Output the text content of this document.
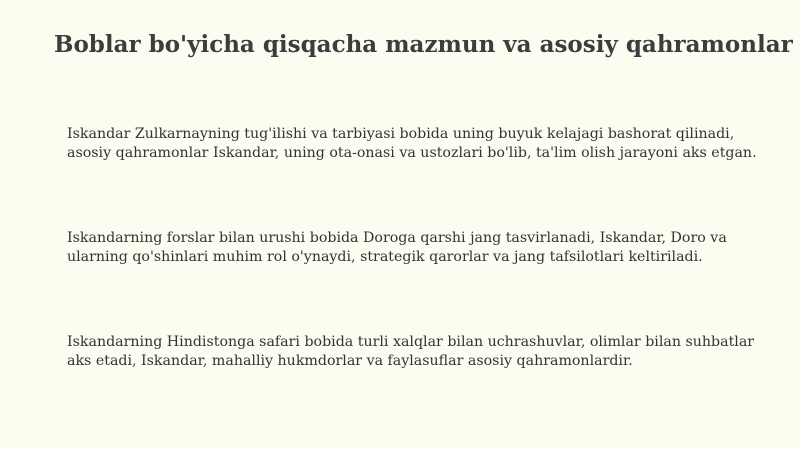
Boblar bo'yicha qisqacha mazmun va asosiy qahramonlar

Iskandar Zulkarnayning tug'ilishi va tarbiyasi bobida uning buyuk kelajagi bashorat qilinadi, asosiy qahramonlar Iskandar, uning ota-onasi va ustozlari bo'lib, ta'lim olish jarayoni aks etgan.

Iskandarning forslar bilan urushi bobida Doroga qarshi jang tasvirlanadi, Iskandar, Doro va ularning qo'shinlari muhim rol o'ynaydi, strategik qarorlar va jang tafsilotlari keltiriladi.

Iskandarning Hindistonga safari bobida turli xalqlar bilan uchrashuvlar, olimlar bilan suhbatlar aks etadi, Iskandar, mahalliy hukmdorlar va faylasuflar asosiy qahramonlardir.
